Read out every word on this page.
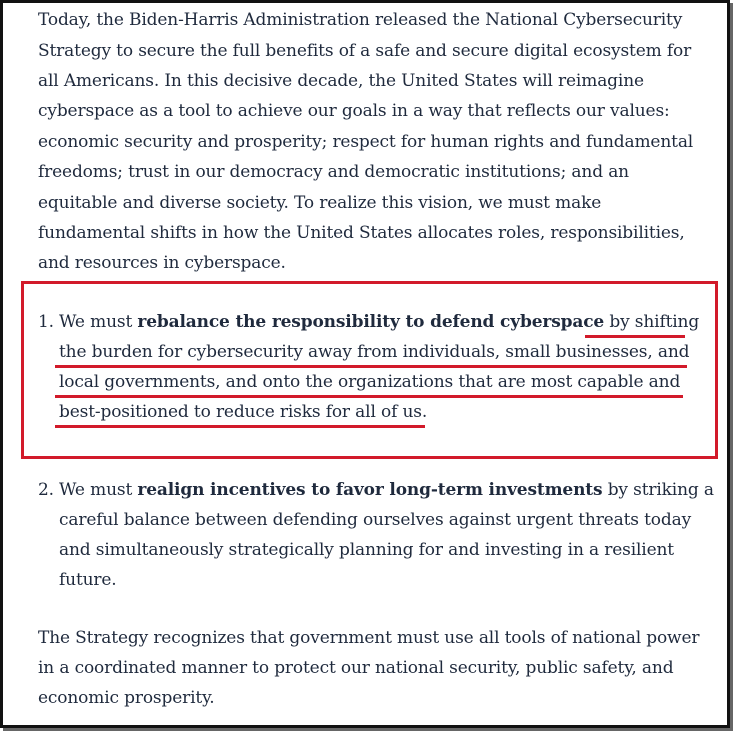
Today, the Biden-Harris Administration released the National Cybersecurity
Strategy to secure the full benefits of a safe and secure digital ecosystem for
all Americans. In this decisive decade, the United States will reimagine
cyberspace as a tool to achieve our goals in a way that reflects our values:
economic security and prosperity; respect for human rights and fundamental
freedoms; trust in our democracy and democratic institutions; and an
equitable and diverse society. To realize this vision, we must make
fundamental shifts in how the United States allocates roles, responsibilities,
and resources in cyberspace.
1. We must rebalance the responsibility to defend cyberspace by shifting
the burden for cybersecurity away from individuals, small businesses, and
local governments, and onto the organizations that are most capable and
best-positioned to reduce risks for all of us.
2. We must realign incentives to favor long-term investments by striking a
careful balance between defending ourselves against urgent threats today
and simultaneously strategically planning for and investing in a resilient
future.
The Strategy recognizes that government must use all tools of national power
in a coordinated manner to protect our national security, public safety, and
economic prosperity.
